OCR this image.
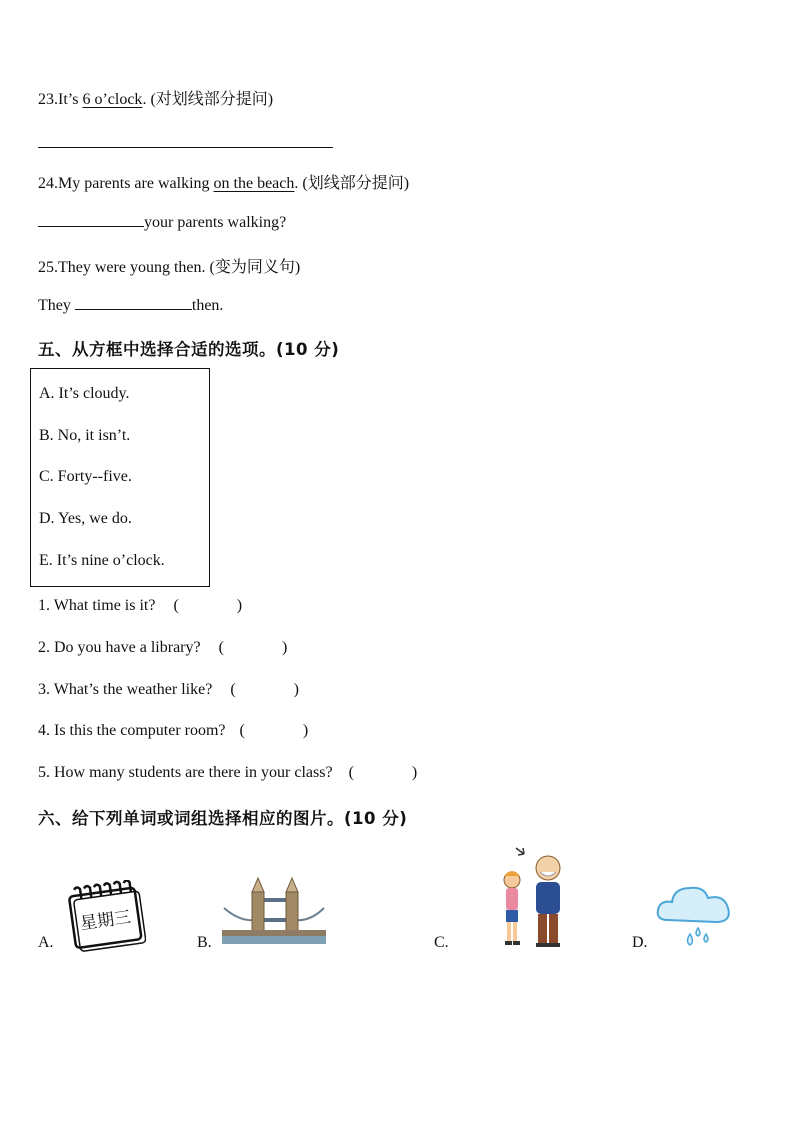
23.It’s 6 o’clock. (对划线部分提问)
24.My parents are walking on the beach. (划线部分提问)
your parents walking?
25.They were young then. (变为同义句)
They	then.
五、从方框中选择合适的选项。(10 分)
A. It’s cloudy.
B. No, it isn’t.
C. Forty--five.
D. Yes, we do.
E. It’s nine o’clock.
1. What time is it? (	)
2. Do you have a library? (	)
3. What’s the weather like? (	)
4. Is this the computer room? (	)
5. How many students are there in your class? (	)
六、给下列单词或词组选择相应的图片。(10 分)
A.
星期三
B.	C.	D.
